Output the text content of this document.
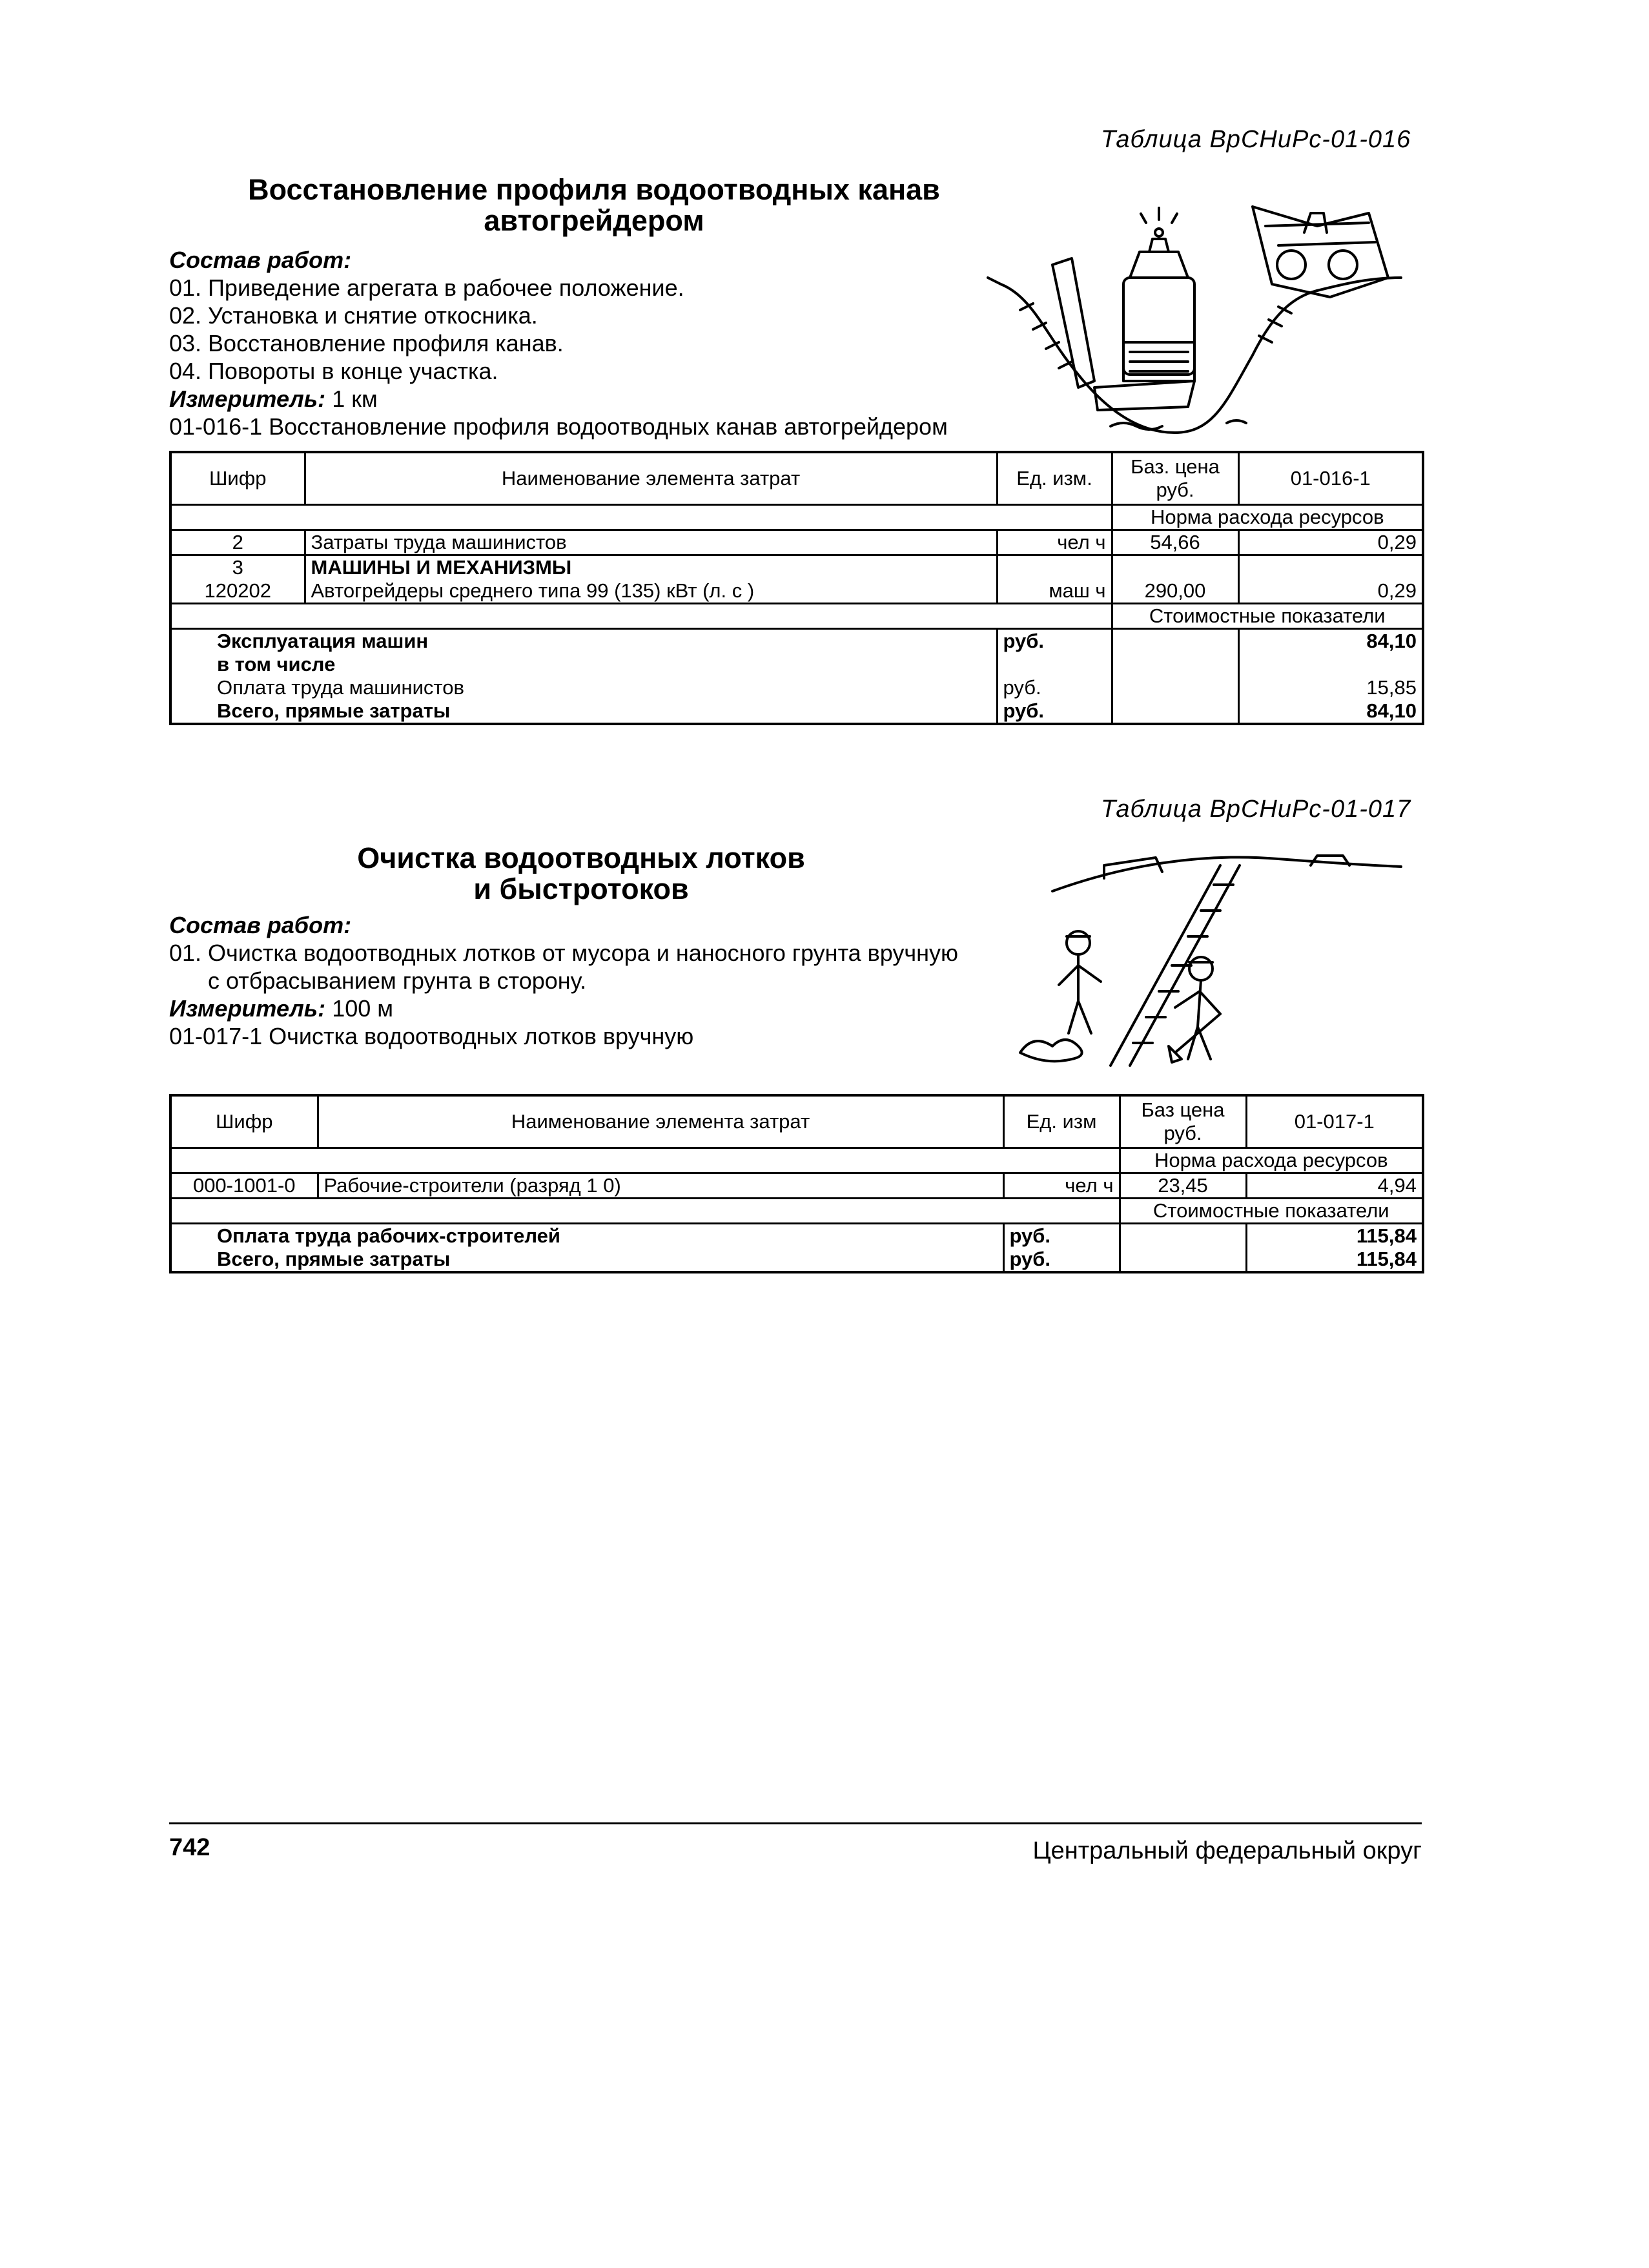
Таблица ВрСНиРс-01-016
Восстановление профиля водоотводных канав
автогрейдером
Состав работ:
01. Приведение агрегата в рабочее положение.
02. Установка и снятие откосника.
03. Восстановление профиля канав.
04. Повороты в конце участка.
Измеритель: 1 км
01-016-1 Восстановление профиля водоотводных канав автогрейдером
Шифр	Наименование элемента затрат	Ед. изм.	Баз. цена руб.	01-016-1
			Норма расхода ресурсов	
2	Затраты труда машинистов	чел ч	54,66	0,29
3	МАШИНЫ И МЕХАНИЗМЫ			
120202	Автогрейдеры среднего типа 99 (135) кВт (л. с )	маш ч	290,00	0,29
			Стоимостные показатели	
Эксплуатация машин		руб.		84,10
в том числе				
Оплата труда машинистов		руб.		15,85
Всего, прямые затраты		руб.		84,10
Таблица ВрСНиРс-01-017
Очистка водоотводных лотков
и быстротоков
Состав работ:
01. Очистка водоотводных лотков от мусора и наносного грунта вручную
с отбрасыванием грунта в сторону.
Измеритель: 100 м
01-017-1 Очистка водоотводных лотков вручную
Шифр	Наименование элемента затрат	Ед. изм	Баз цена руб.	01-017-1
			Норма расхода ресурсов	
000-1001-0	Рабочие-строители (разряд 1 0)	чел ч	23,45	4,94
			Стоимостные показатели	
Оплата труда рабочих-строителей		руб.		115,84
Всего, прямые затраты		руб.		115,84
742	Центральный федеральный округ
